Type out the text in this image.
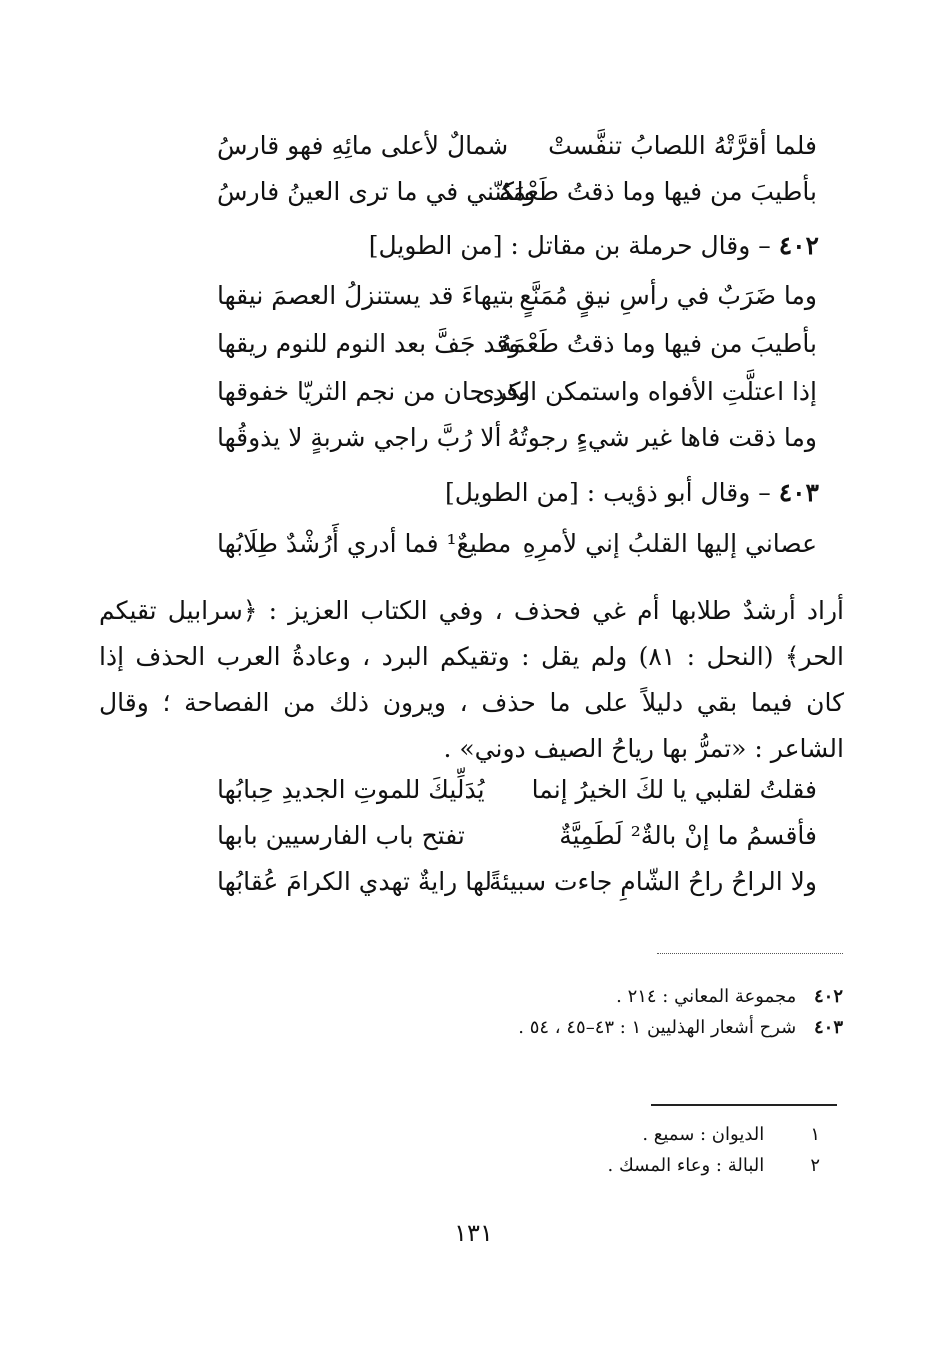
فلما أقرَّتْهُ اللصابُ تنفَّستْ
شمالٌ لأعلى مائِهِ فهو قارسُ
بأطيبَ من فيها وما ذقتُ طَعْمَهُ
ولكنّني في ما ترى العينُ فارسُ
٤٠٢ – وقال حرملة بن مقاتل : [من الطويل]
وما ضَرَبٌ في رأسِ نيقٍ مُمَنَّعٍ
بتيهاءَ قد يستنزلُ العصمَ نيقها
بأطيبَ من فيها وما ذقتُ طَعْمَهُ
وقد جَفَّ بعد النوم للنوم ريقها
إذا اعتلَّتِ الأفواه واستمكن الكرى
وقد حان من نجم الثريّا خفوقها
وما ذقت فاها غير شيءٍ رجوتُهُ
ألا رُبَّ راجي شربةٍ لا يذوقُها
٤٠٣ – وقال أبو ذؤيب : [من الطويل]
عصاني إليها القلبُ إني لأمرِهِ
مطيعٌ¹ فما أدري أَرُشْدٌ طِلَابُها
أراد أرشدٌ طلابها أم غي فحذف ، وفي الكتاب العزيز : ﴿سرابيل تقيكم الحر﴾ (النحل : ٨١) ولم يقل : وتقيكم البرد ، وعادةُ العرب الحذف إذا كان فيما بقي دليلاً على ما حذف ، ويرون ذلك من الفصاحة ؛ وقال الشاعر : «تمرُّ بها رياحُ الصيف دوني» .
فقلتُ لقلبي يا لكَ الخيرُ إنما
يُدَلِّيكَ للموتِ الجديدِ حِبابُها
فأقسمُ ما إنْ بالةٌ² لَطَمِيَّةٌ
تفتح باب الفارسيين بابها
ولا الراحُ راحُ الشّامِ جاءت سبيئةً
لها رايةٌ تهدي الكرامَ عُقابُها
٤٠٢ مجموعة المعاني : ٢١٤ .
٤٠٣ شرح أشعار الهذليين ١ : ٤٣–٤٥ ، ٥٤ .
١ الديوان : سميع .
٢ البالة : وعاء المسك .
١٣١
